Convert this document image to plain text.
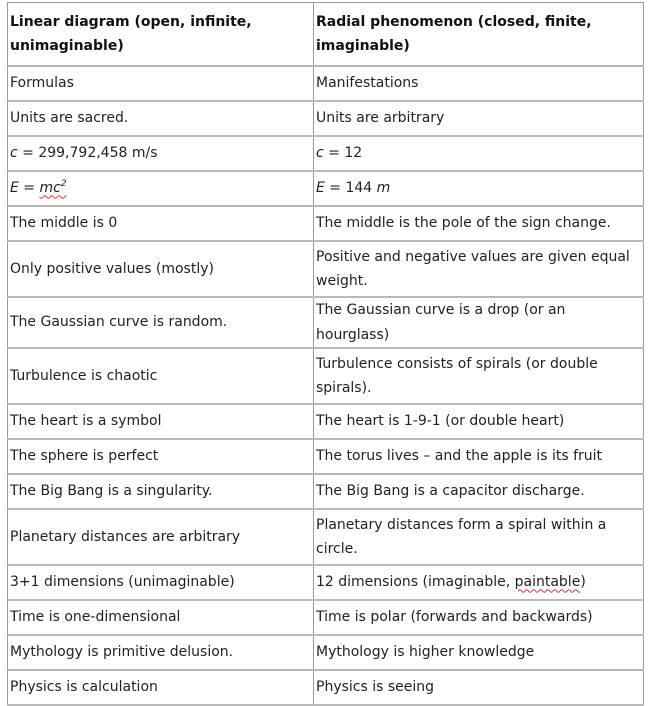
Linear diagram (open, infinite, unimaginable)	Radial phenomenon (closed, finite, imaginable)
Formulas	Manifestations
Units are sacred.	Units are arbitrary
c = 299,792,458 m/s	c = 12
$E = mc^2$	E = 144 m
The middle is 0	The middle is the pole of the sign change.
Only positive values (mostly)	Positive and negative values are given equal weight.
The Gaussian curve is random.	The Gaussian curve is a drop (or an hourglass)
Turbulence is chaotic	Turbulence consists of spirals (or double spirals).
The heart is a symbol	The heart is 1-9-1 (or double heart)
The sphere is perfect	The torus lives – and the apple is its fruit
The Big Bang is a singularity.	The Big Bang is a capacitor discharge.
Planetary distances are arbitrary	Planetary distances form a spiral within a circle.
3+1 dimensions (unimaginable)	12 dimensions (imaginable, paintable)
Time is one-dimensional	Time is polar (forwards and backwards)
Mythology is primitive delusion.	Mythology is higher knowledge
Physics is calculation	Physics is seeing
